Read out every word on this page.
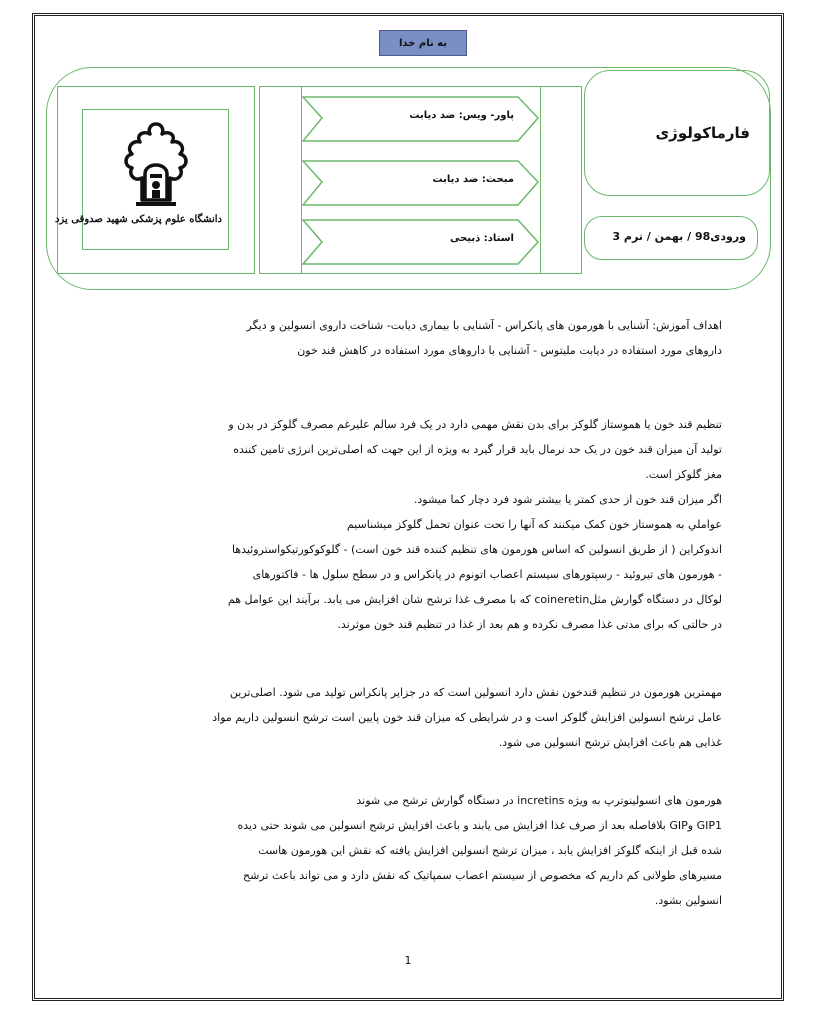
به نام خدا
دانشگاه علوم پزشکی شهید صدوقی یزد
پاور- ویس: ضد دیابت
مبحث: ضد دیابت
استاد: ذبیحی
فارماکولوژی
ورودی98 / بهمن / ترم 3
اهداف آموزش: آشنایی با هورمون های پانکراس - آشنایی با بیماری دیابت- شناخت داروی انسولین و دیگر
داروهای مورد استفاده در دیابت ملیتوس - آشنایی با داروهای مورد استفاده در کاهش قند خون
تنظیم قند خون یا هموستاز گلوکز برای بدن نقش مهمی دارد در یک فرد سالم علیرغم مصرف گلوکز در بدن و
تولید آن میزان قند خون در یک حد نرمال باید قرار گیرد به ویژه از این جهت که اصلی‌ترین انرژی تامین کننده
مغز گلوکز است.
اگر میزان قند خون از حدی کمتر یا بیشتر شود فرد دچار کما میشود.
عواملي به هموستاز خون کمک میکنند که آنها را تحت عنوان تحمل گلوکز میشناسیم
اندوکراین ( از طریق انسولین که اساس هورمون های تنظیم کننده قند خون است) - گلوکوکورتیکواستروئیدها
- هورمون های تیروئید - رسپتورهای سیستم اعصاب اتونوم در پانکراس و در سطح سلول ها - فاکتورهای
لوکال در دستگاه گوارش مثلcoineretin که با مصرف غذا ترشح شان افزایش می یابد. برآیند این عوامل هم
در حالتی که برای مدتی غذا مصرف نکرده و هم بعد از غذا در تنظیم قند خون موثرند.
مهمترین هورمون در تنظیم قندخون نقش دارد انسولین است که در جزایر پانکراس تولید می شود. اصلی‌ترین
عامل ترشح انسولین افزایش گلوکز است و در شرایطی که میزان قند خون پایین است ترشح انسولین داریم مواد
غذایی هم باعث افزایش ترشح انسولین می شود.
هورمون های انسولینوترپ به ویژه incretins در دستگاه گوارش ترشح می شوند
GIP1 وGIP بلافاصله بعد از صرف غذا افزایش می یابند و باعث افزایش ترشح انسولین می شوند حتی دیده
شده قبل از اینکه گلوکز افزایش یابد ، میزان ترشح انسولین افزایش یافته که نقش این هورمون هاست
مسیرهای طولانی کم داریم که مخصوص از سیستم اعصاب سمپاتیک که نقش دارد و می تواند باعث ترشح
انسولین بشود.
1
